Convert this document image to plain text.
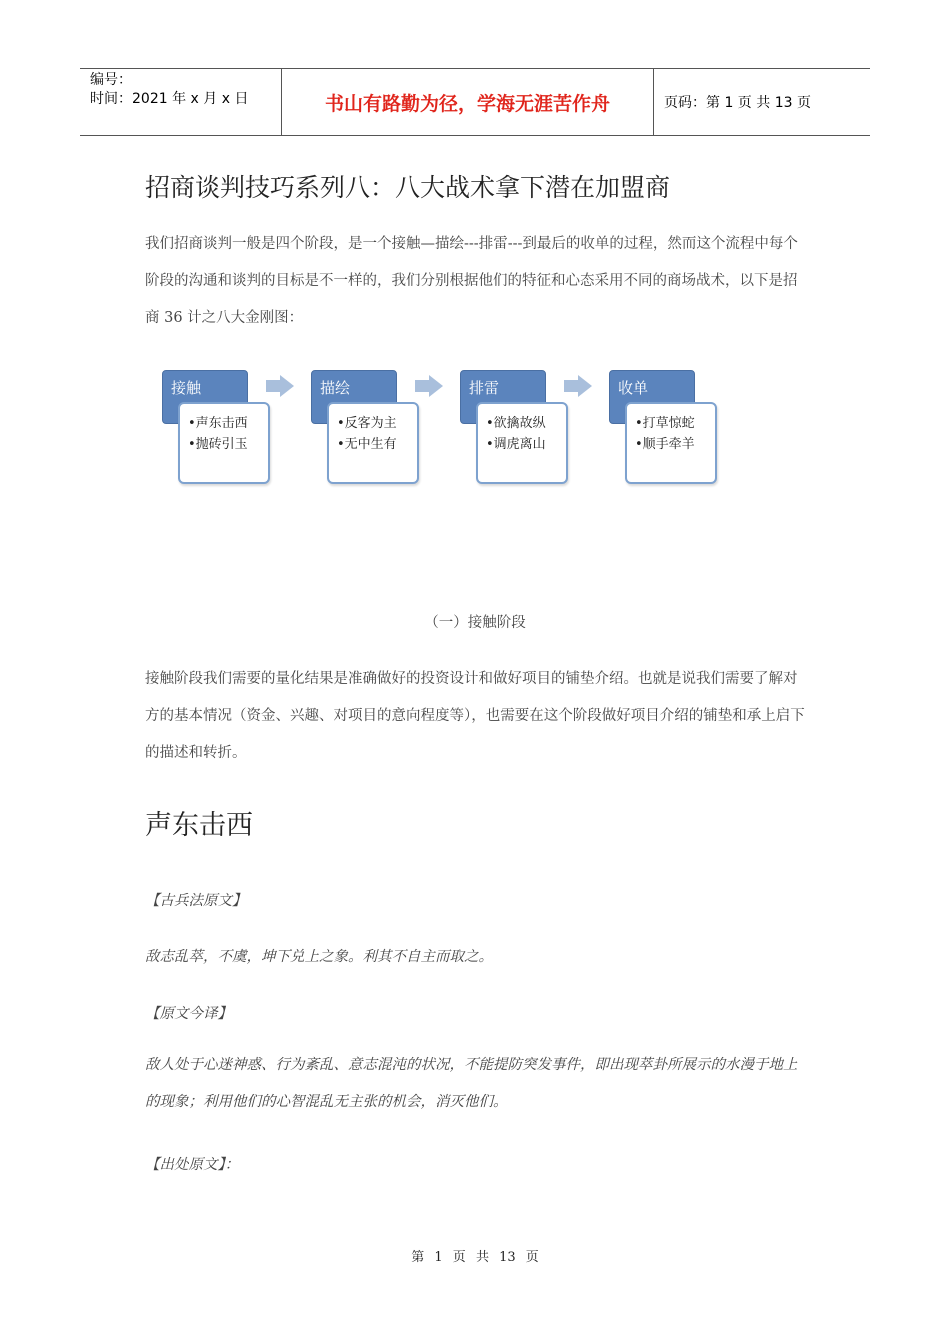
编号：
时间：2021 年 x 月 x 日	书山有路勤为径，学海无涯苦作舟	页码：第 1 页 共 13 页
招商谈判技巧系列八：八大战术拿下潜在加盟商
我们招商谈判一般是四个阶段，是一个接触—描绘---排雷---到最后的收单的过程，然而这个流程中每个阶段的沟通和谈判的目标是不一样的，我们分别根据他们的特征和心态采用不同的商场战术，以下是招商 36 计之八大金刚图：
接触
•声东击西
•抛砖引玉
描绘
•反客为主
•无中生有
排雷
•欲擒故纵
•调虎离山
收单
•打草惊蛇
•顺手牵羊
（一）接触阶段
接触阶段我们需要的量化结果是准确做好的投资设计和做好项目的铺垫介绍。也就是说我们需要了解对方的基本情况（资金、兴趣、对项目的意向程度等），也需要在这个阶段做好项目介绍的铺垫和承上启下的描述和转折。
声东击西
【古兵法原文】
敌志乱萃，不虞，坤下兑上之象。利其不自主而取之。
【原文今译】
敌人处于心迷神惑、行为紊乱、意志混沌的状况，不能提防突发事件，即出现萃卦所展示的水漫于地上的现象；利用他们的心智混乱无主张的机会，消灭他们。
【出处原文】：
第 1 页 共 13 页
